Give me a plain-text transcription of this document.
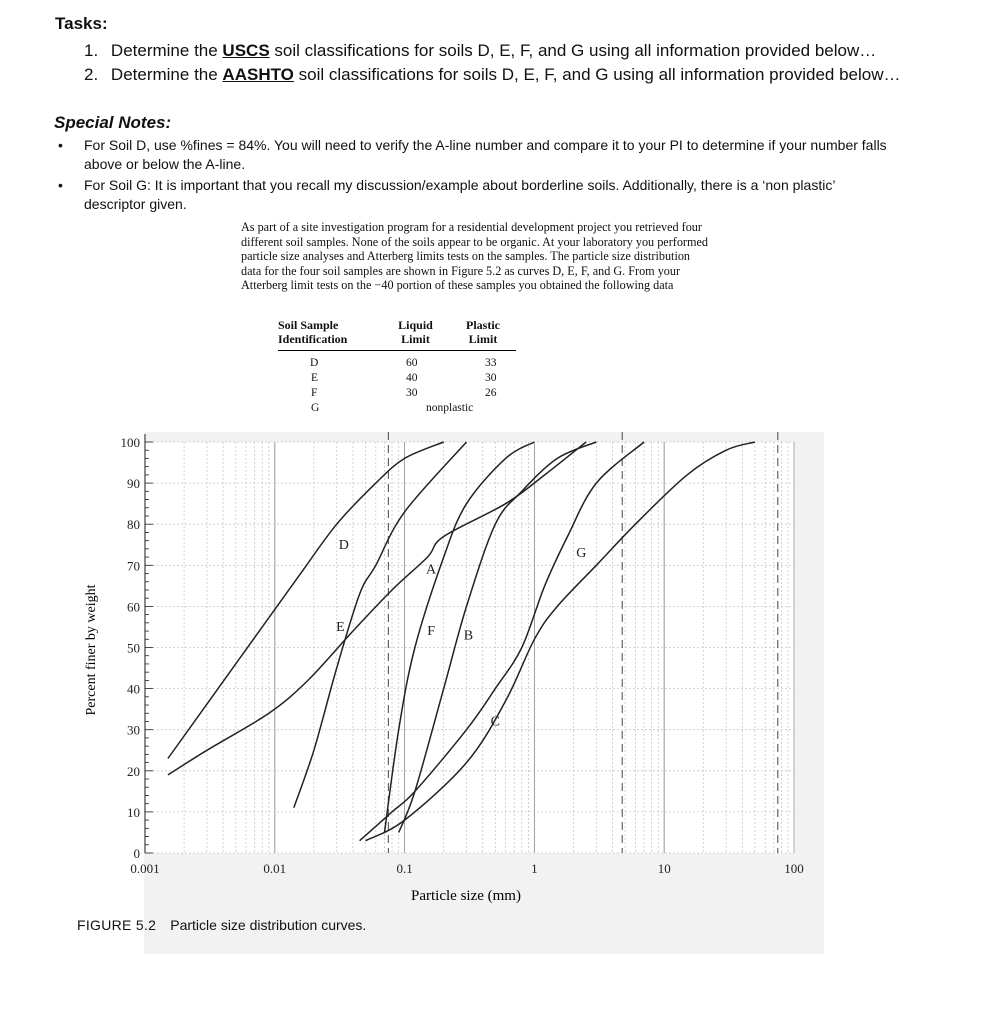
Tasks:
1. Determine the USCS soil classifications for soils D, E, F, and G using all information provided below…
2. Determine the AASHTO soil classifications for soils D, E, F, and G using all information provided below…
Special Notes:
• For Soil D, use %fines = 84%. You will need to verify the A-line number and compare it to your PI to determine if your number falls
above or below the A-line.
• For Soil G: It is important that you recall my discussion/example about borderline soils. Additionally, there is a ‘non plastic’
descriptor given.
As part of a site investigation program for a residential development project you retrieved four
different soil samples. None of the soils appear to be organic. At your laboratory you performed
particle size analyses and Atterberg limits tests on the samples. The particle size distribution
data for the four soil samples are shown in Figure 5.2 as curves D, E, F, and G. From your
Atterberg limit tests on the −40 portion of these samples you obtained the following data
Soil Sample
Identification
Liquid
Limit
Plastic
Limit
D	60	33
E	40	30
F	30	26
G	nonplastic
0
10
20
30
40
50
60
70
80
90
100
0.001	0.01	0.1	1	10	100
D
E
A
F B
C
G
Particle size (mm)
Percent finer by weight
FIGURE 5.2 Particle size distribution curves.
